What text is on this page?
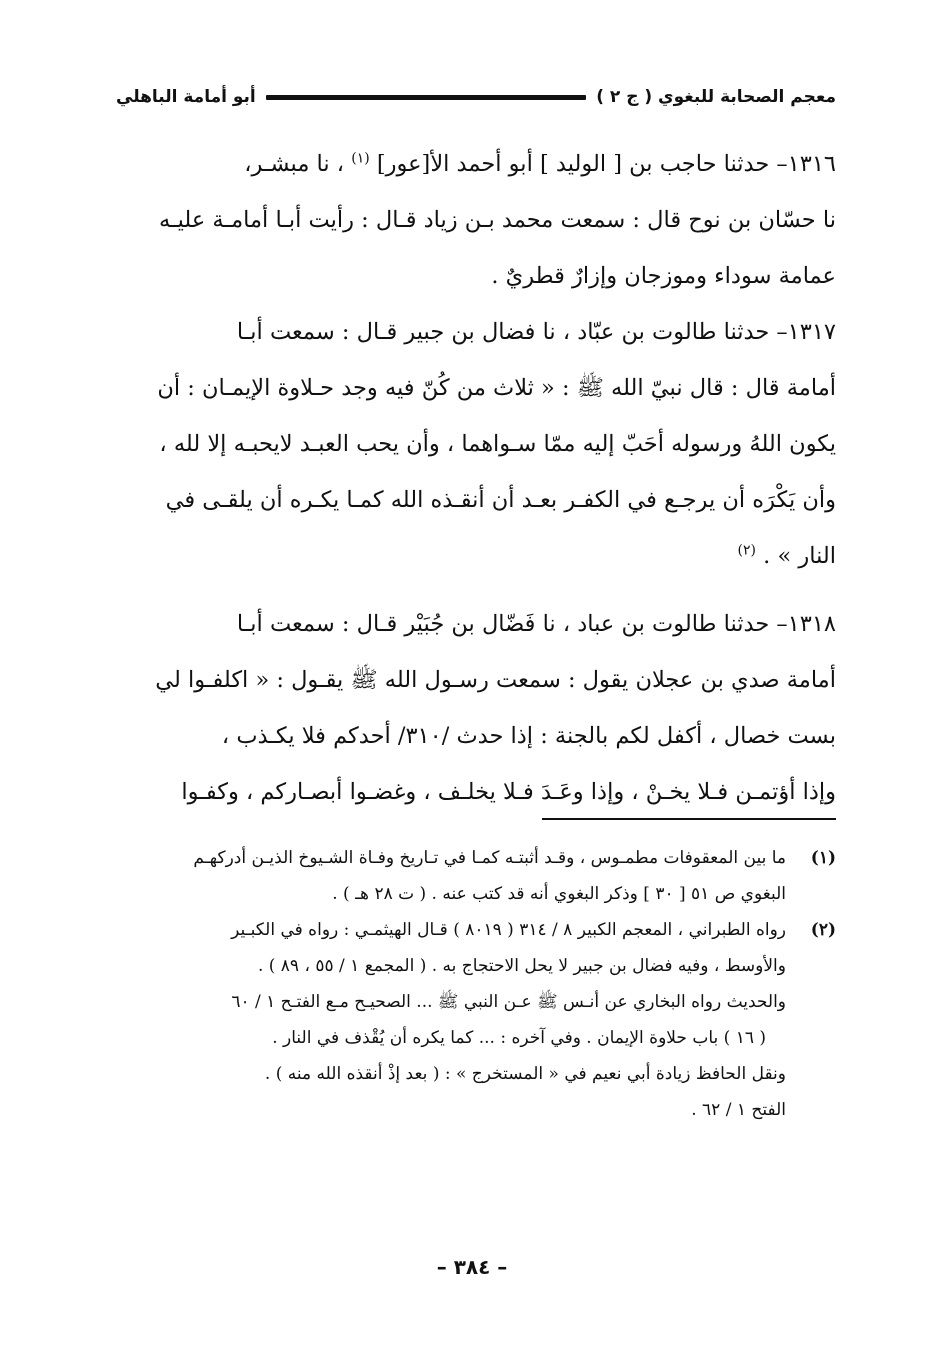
معجم الصحابة للبغوي ( ج ٢ )
أبو أمامة الباهلي

١٣١٦– حدثنا حاجب بن [ الوليد ] أبو أحمد الأ[عور] $^{(١)}$ ، نا مبشـر،
نا حسّان بن نوح قال : سمعت محمد بـن زياد قـال : رأيت أبـا أمامـة عليـه
عمامة سوداء وموزجان وإزارٌ قطريٌ .

١٣١٧– حدثنا طالوت بن عبّاد ، نا فضال بن جبير قـال : سمعت أبـا
أمامة قال : قال نبيّ الله ﷺ : « ثلاث من كُنّ فيه وجد حـلاوة الإيمـان : أن
يكون اللهُ ورسوله أحَبّ إليه ممّا سـواهما ، وأن يحب العبـد لايحبـه إلا لله ،
وأن يَكْرَه أن يرجـع في الكفـر بعـد أن أنقـذه الله كمـا يكـره أن يلقـى في
النار » . $^{(٢)}$

١٣١٨– حدثنا طالوت بن عباد ، نا فَضّال بن جُبَيْر قـال : سمعت أبـا
أمامة صدي بن عجلان يقول : سمعت رسـول الله ﷺ يقـول : « اكلفـوا لي
بست خصال ، أكفل لكم بالجنة : إذا حدث /٣١٠/ أحدكم فلا يكـذب ،
وإذا أؤتمـن فـلا يخـنْ ، وإذا وعَـدَ فـلا يخلـف ، وغضـوا أبصـاركم ، وكفـوا

(١)
ما بين المعقوفات مطمـوس ، وقـد أثبتـه كمـا في تـاريخ وفـاة الشـيوخ الذيـن أدركهـم
البغوي ص ٥١ [ ٣٠ ] وذكر البغوي أنه قد كتب عنه . ( ت ٢٨ هـ ) .
(٢)
رواه الطبراني ، المعجم الكبير ٨ / ٣١٤ ( ٨٠١٩ ) قـال الهيثمـي : رواه في الكبـير
والأوسط ، وفيه فضال بن جبير لا يحل الاحتجاج به . ( المجمع ١ / ٥٥ ، ٨٩ ) .
والحديث رواه البخاري عن أنـس ﷺ عـن النبي ﷺ ... الصحيـح مـع الفتـح ١ / ٦٠
( ١٦ ) باب حلاوة الإيمان . وفي آخره : ... كما يكره أن يُقْذف في النار .
ونقل الحافظ زيادة أبي نعيم في « المستخرج » : ( بعد إذْ أنقذه الله منه ) .
الفتح ١ / ٦٢ .
– ٣٨٤ –
